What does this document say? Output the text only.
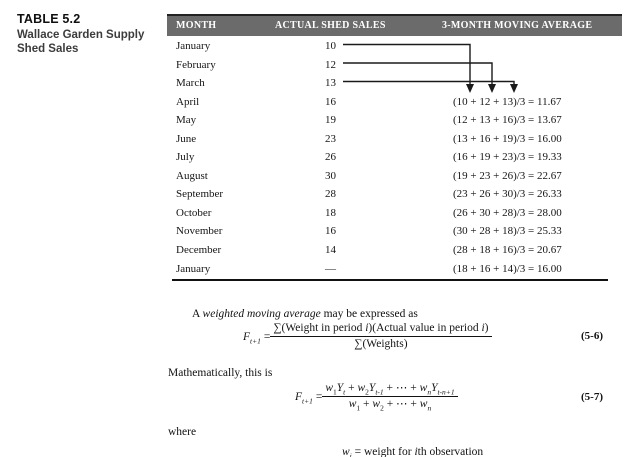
TABLE 5.2
Wallace Garden Supply
Shed Sales
MONTH	ACTUAL SHED SALES	3-MONTH MOVING AVERAGE
January	10
February	12
March	13
April	16	(10 + 12 + 13)/3 = 11.67
May	19	(12 + 13 + 16)/3 = 13.67
June	23	(13 + 16 + 19)/3 = 16.00
July	26	(16 + 19 + 23)/3 = 19.33
August	30	(19 + 23 + 26)/3 = 22.67
September	28	(23 + 26 + 30)/3 = 26.33
October	18	(26 + 30 + 28)/3 = 28.00
November	16	(30 + 28 + 18)/3 = 25.33
December	14	(28 + 18 + 16)/3 = 20.67
January	—	(18 + 16 + 14)/3 = 16.00

A weighted moving average may be expressed as

$F_{t+1} = \frac{\text{∑(Weight in period i)(Actual value in period i)}}{\text{∑(Weights)}}$	(5-6)

Mathematically, this is

$F_{t+1} = \frac{w_1Y_t + w_2Y_{t-1} + \cdots + w_nY_{t-n+1}}{w_1 + w_2 + \cdots + w_n}$	(5-7)

where

$w_i$ = weight for ith observation
